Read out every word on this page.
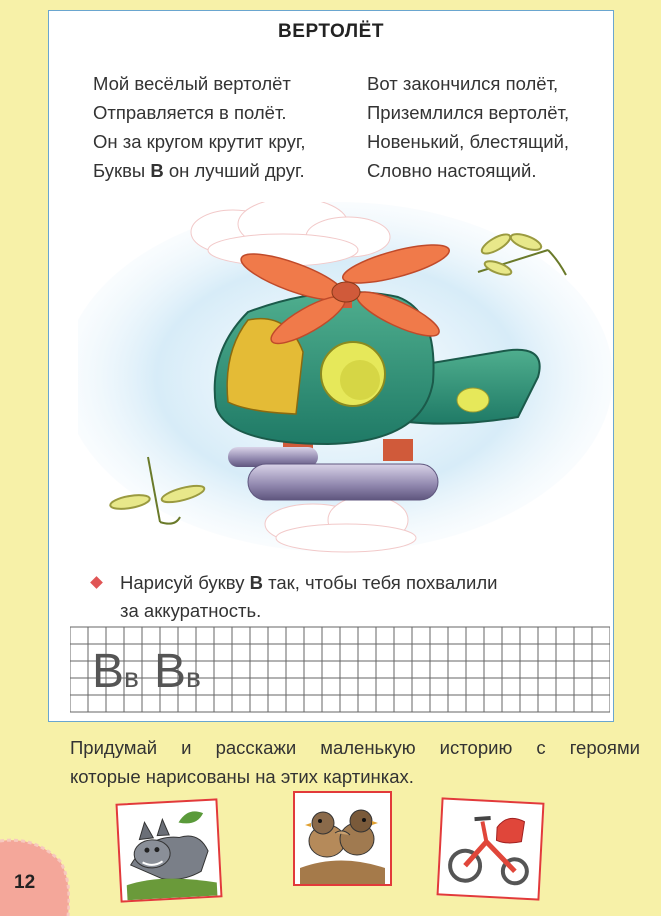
ВЕРТОЛЁТ
Мой весёлый вертолёт
Отправляется в полёт.
Он за кругом крутит круг,
Буквы В он лучший друг.
Вот закончился полёт,
Приземлился вертолёт,
Новенький, блестящий,
Словно настоящий.
Нарисуй букву В так, чтобы тебя похвалили
за аккуратность.
Вв Вв
Придумай и расскажи маленькую историю с героями
которые нарисованы на этих картинках.
12
